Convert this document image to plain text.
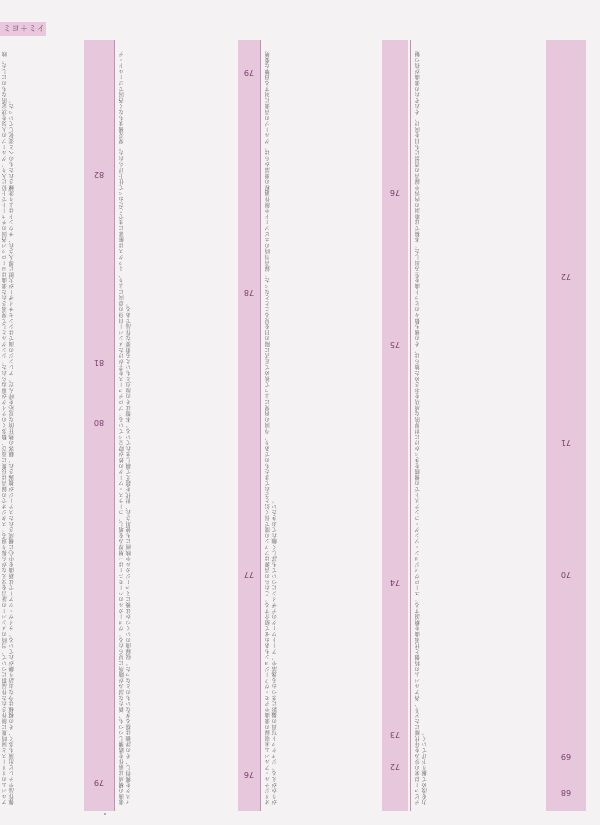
ミヨ＋ミイ
アルバムのリリースと同時期に制作された作品群について、当時のメンバーの証言を交えながら振り返る。スタジオでの録音は長期に及び、数多くのテイクが重ねられた。シングルとして発表された楽曲はヨーロッパ各国のチャートで上位に入り、グループの人気を決定的なものにした。映像作品やテレビ出演も多く、その模様は今なお語り継がれている。ライヴ・ツアーでは新曲を中心に構成されたステージが披露され、観客の熱狂的な反応を呼んだ。アレンジの面ではシンセサイザーが大胆に導入され、サウンドはより洗練されたものへと変化していった。	79
80
81
82	楽曲の構成は前作を踏襲しつつも、新たな試みが随所に見られる。ヴォーカルのハーモニーは一層厚みを増し、コーラス・ワークの妙が際立っている。プロデュースを手がけたメンバー自身の意向により、ミックスは細部にまでこだわって仕上げられた。発売後まもなく各国でゴールド・ディスクを獲得し、その評価は揺るぎないものとなった。収録曲のいくつかは後にミュージカルや映画にも使用され、世代を超えて親しまれている。本盤はその原点ともいえる重要な作品である。	76
77
78
79	オリジナル・アルバム未収録の楽曲やデモ・ヴァージョンもあわせて紹介する。これらの音源はファンの間で長く幻とされてきたものであり、今回の再発によって初めて正式に陽の目を見ることとなった。録音当時のエピソードや制作過程の裏話からは、グループの音楽に対する真摯な姿勢がうかがえる。ジャケット写真の撮影にまつわる逸話や、アートワークのデザインについても詳しく触れておきたい。	72
73
74
75
76	デビュー以来の歩みを年代順にたどり、各アルバムの特徴と代表曲を解説する。ユーロヴィジョン・ソング・コンテストでの優勝をきっかけに世界的な成功をおさめた彼らは、その後も数々のヒット曲を生み出した。本稿では歌詞の内容や録音の背景にも目を向け、それぞれの楽曲が持つ魅力を改めて掘り下げていく。	68
69
70
71
72
